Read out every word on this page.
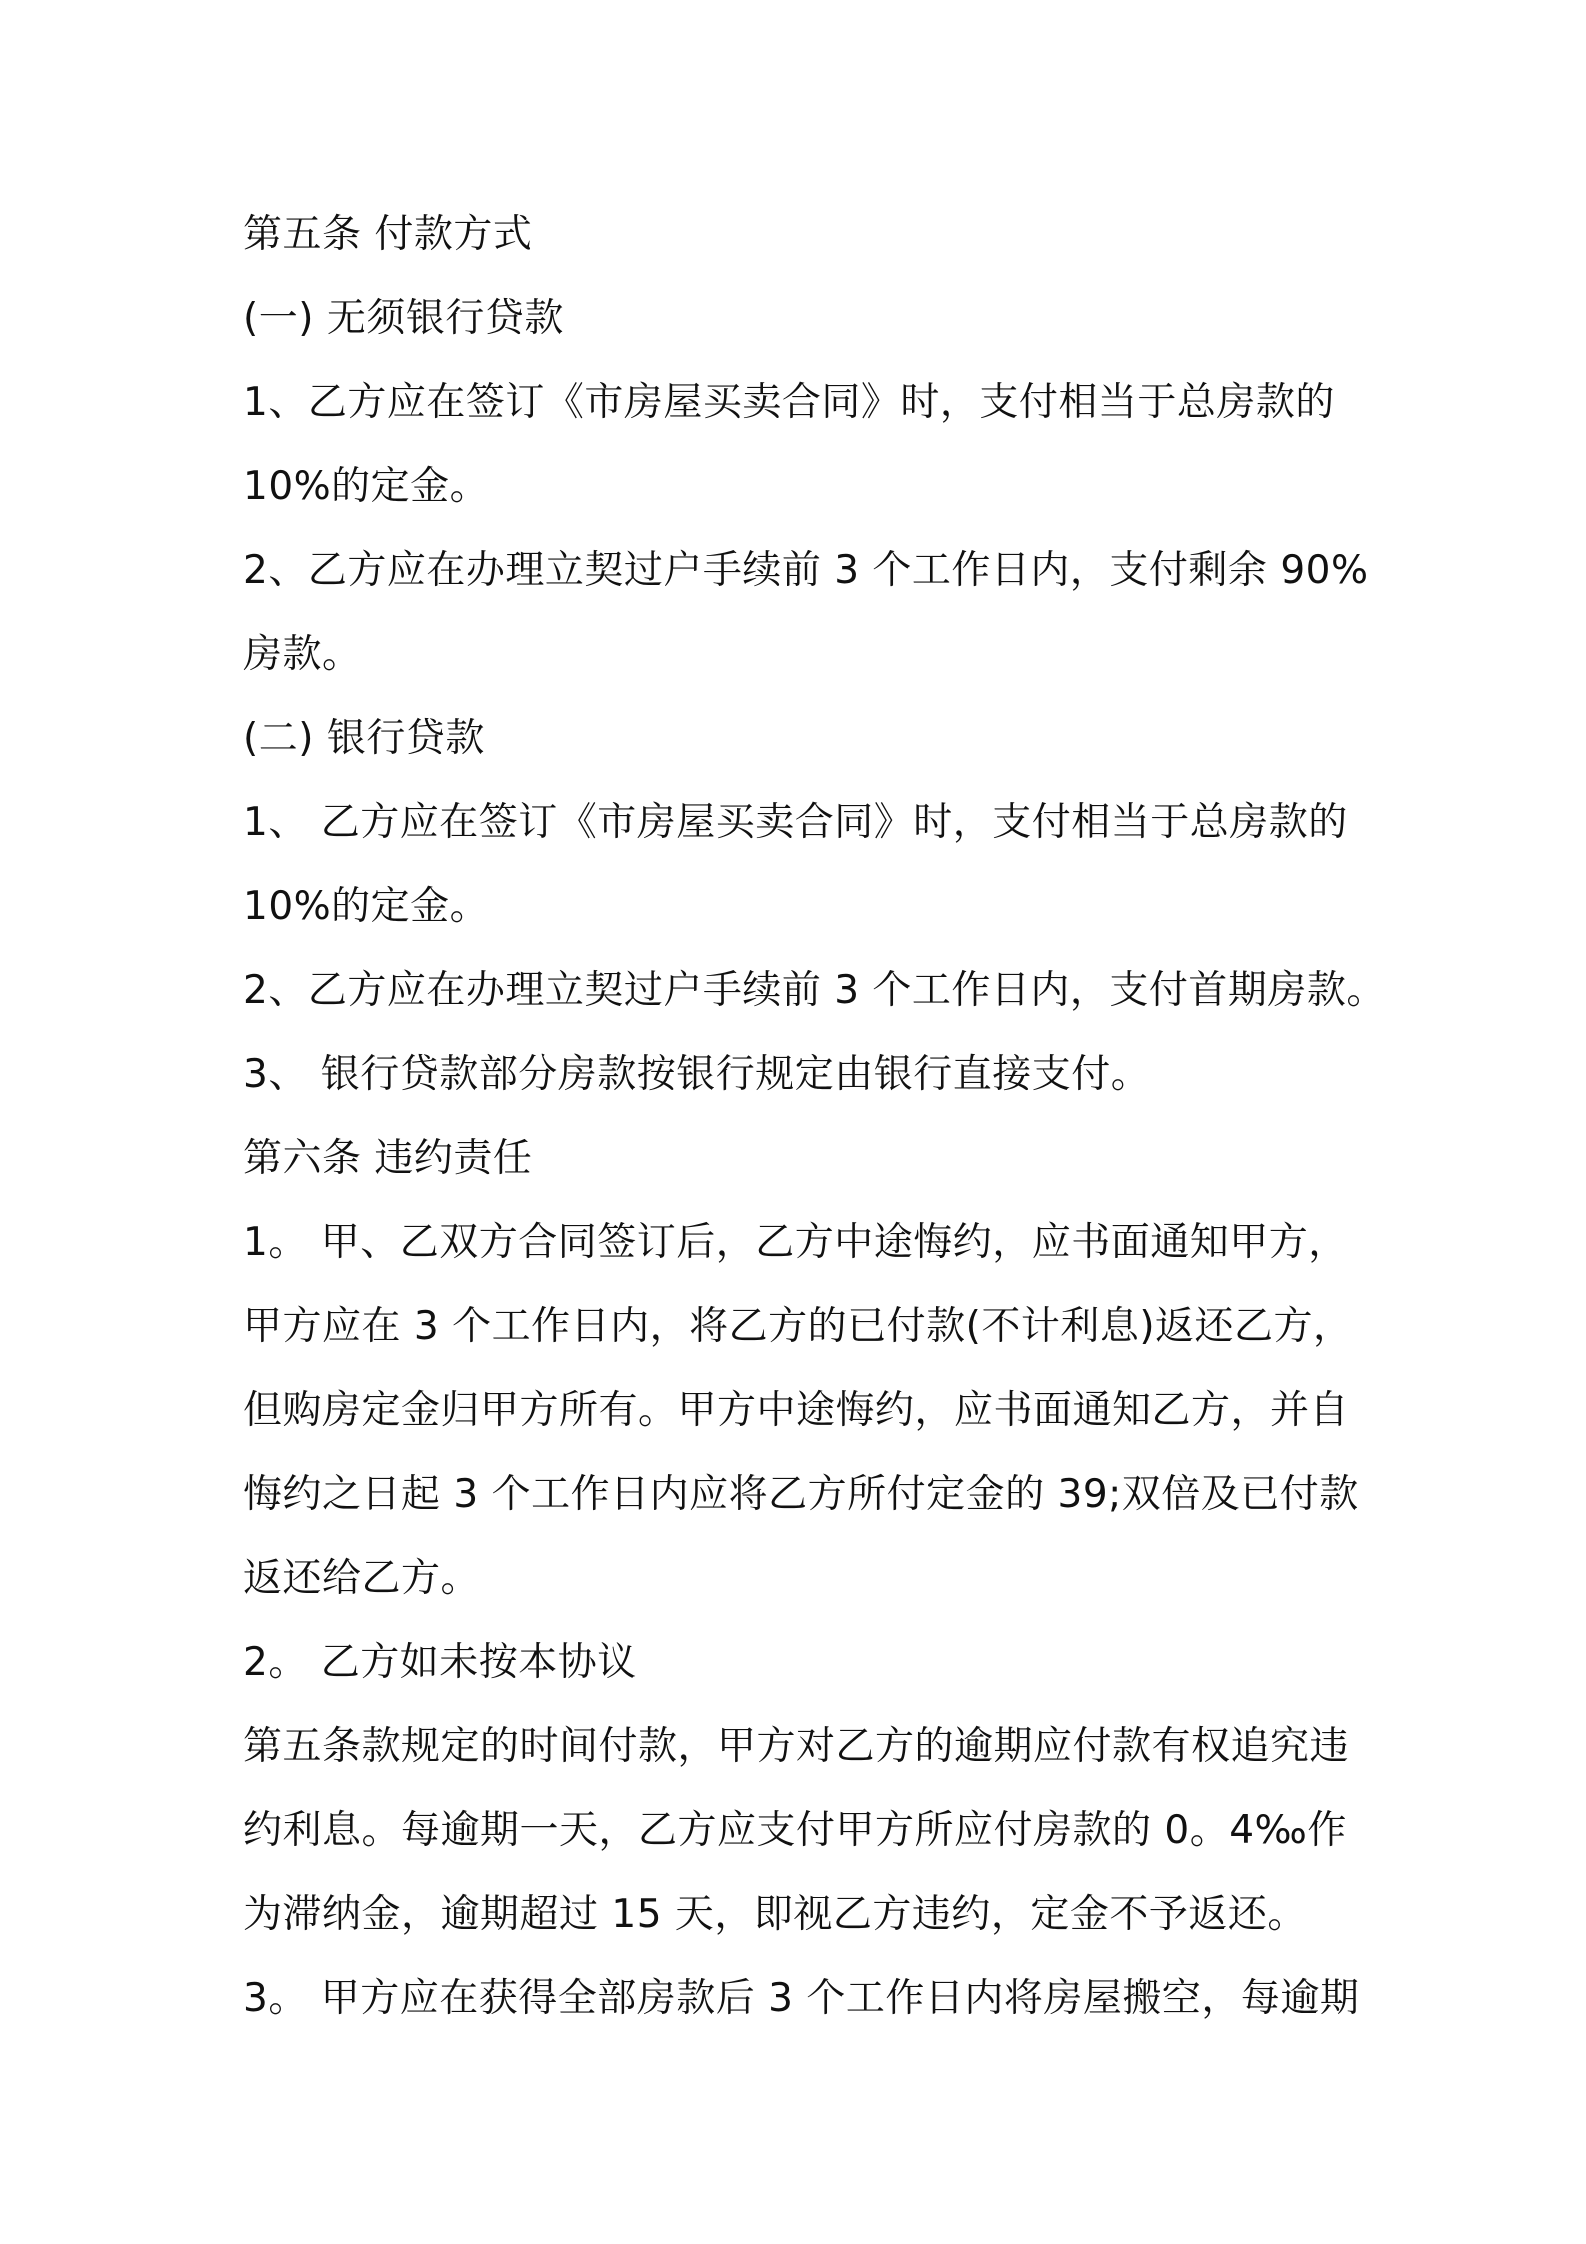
第五条 付款方式
(一) 无须银行贷款
1、乙方应在签订《市房屋买卖合同》时，支付相当于总房款的
10%的定金。
2、乙方应在办理立契过户手续前 3 个工作日内，支付剩余 90%
房款。
(二) 银行贷款
1、 乙方应在签订《市房屋买卖合同》时，支付相当于总房款的
10%的定金。
2、乙方应在办理立契过户手续前 3 个工作日内，支付首期房款。
3、 银行贷款部分房款按银行规定由银行直接支付。
第六条 违约责任
1。 甲、乙双方合同签订后，乙方中途悔约，应书面通知甲方，
甲方应在 3 个工作日内，将乙方的已付款(不计利息)返还乙方，
但购房定金归甲方所有。甲方中途悔约，应书面通知乙方，并自
悔约之日起 3 个工作日内应将乙方所付定金的 39;双倍及已付款
返还给乙方。
2。 乙方如未按本协议
第五条款规定的时间付款，甲方对乙方的逾期应付款有权追究违
约利息。每逾期一天，乙方应支付甲方所应付房款的 0。4‰作
为滞纳金，逾期超过 15 天，即视乙方违约，定金不予返还。
3。 甲方应在获得全部房款后 3 个工作日内将房屋搬空，每逾期
